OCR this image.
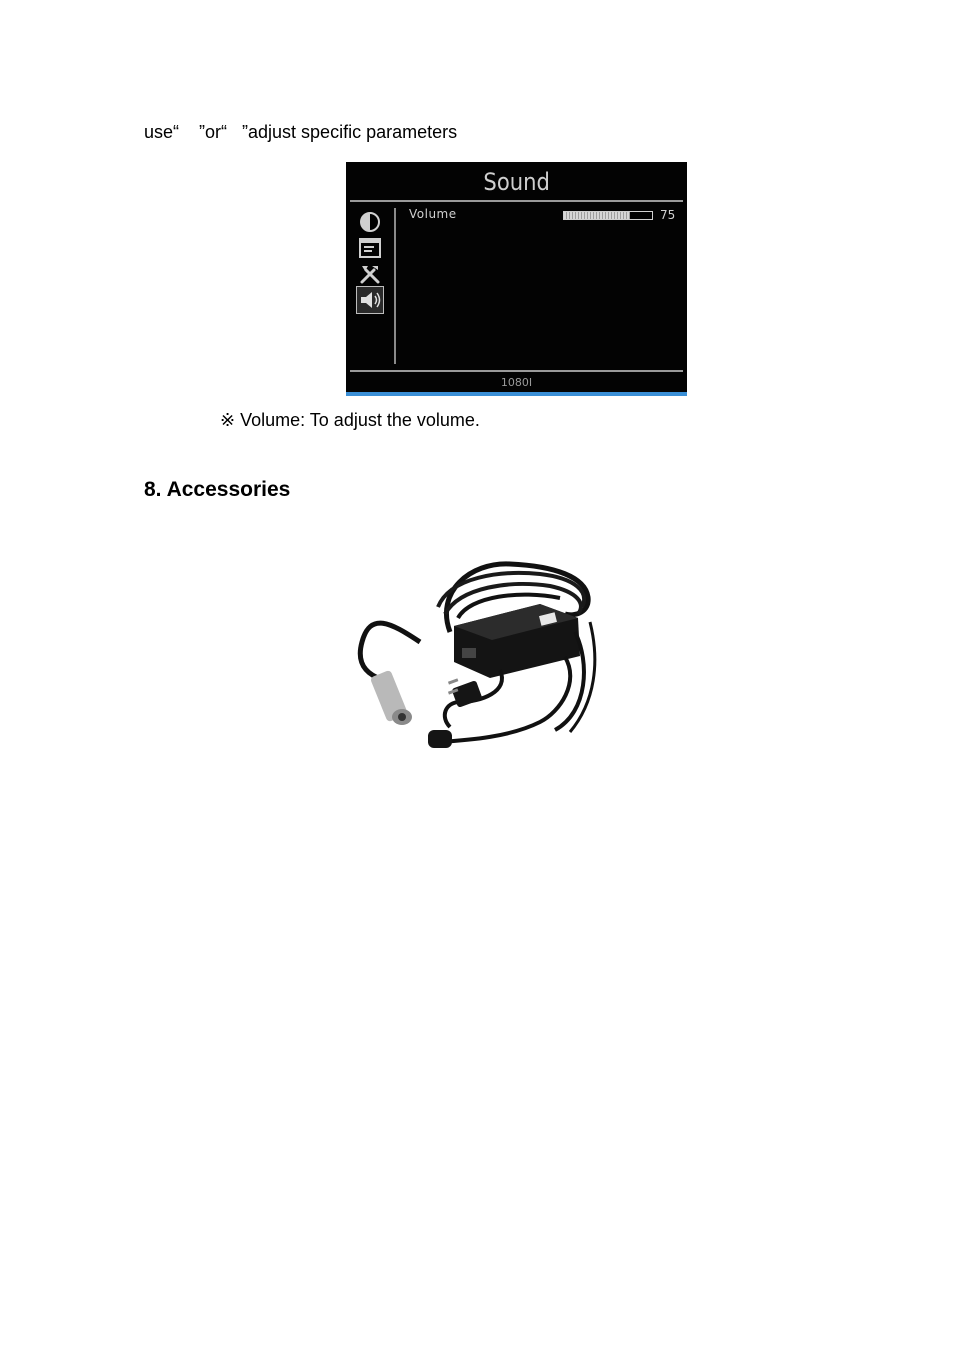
use“    ”or“   ”adjust specific parameters
Sound
Volume	75
1080I
※ Volume: To adjust the volume.
8. Accessories
